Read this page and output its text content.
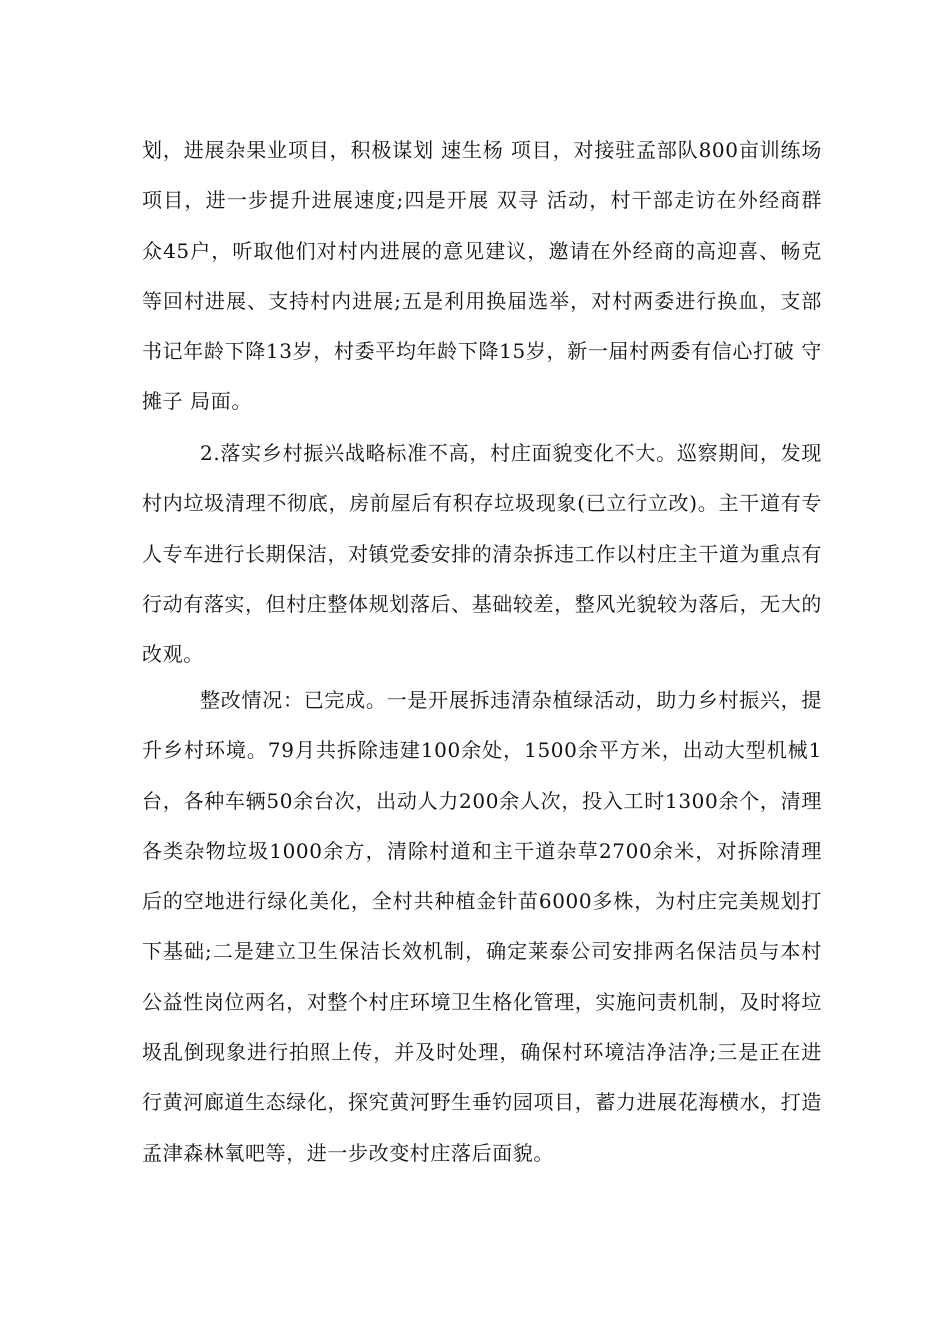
划，进展杂果业项目，积极谋划 速生杨 项目，对接驻孟部队800亩训练场项目，进一步提升进展速度;四是开展 双寻 活动，村干部走访在外经商群众45户，听取他们对村内进展的意见建议，邀请在外经商的高迎喜、畅克等回村进展、支持村内进展;五是利用换届选举，对村两委进行换血，支部书记年龄下降13岁，村委平均年龄下降15岁，新一届村两委有信心打破 守摊子 局面。

2.落实乡村振兴战略标准不高，村庄面貌变化不大。巡察期间，发现村内垃圾清理不彻底，房前屋后有积存垃圾现象(已立行立改)。主干道有专人专车进行长期保洁，对镇党委安排的清杂拆违工作以村庄主干道为重点有行动有落实，但村庄整体规划落后、基础较差，整风光貌较为落后，无大的改观。

整改情况：已完成。一是开展拆违清杂植绿活动，助力乡村振兴，提升乡村环境。79月共拆除违建100余处，1500余平方米，出动大型机械1台，各种车辆50余台次，出动人力200余人次，投入工时1300余个，清理各类杂物垃圾1000余方，清除村道和主干道杂草2700余米，对拆除清理后的空地进行绿化美化，全村共种植金针苗6000多株，为村庄完美规划打下基础;二是建立卫生保洁长效机制，确定莱泰公司安排两名保洁员与本村公益性岗位两名，对整个村庄环境卫生格化管理，实施问责机制，及时将垃圾乱倒现象进行拍照上传，并及时处理，确保村环境洁净洁净;三是正在进行黄河廊道生态绿化，探究黄河野生垂钓园项目，蓄力进展花海横水，打造孟津森林氧吧等，进一步改变村庄落后面貌。
